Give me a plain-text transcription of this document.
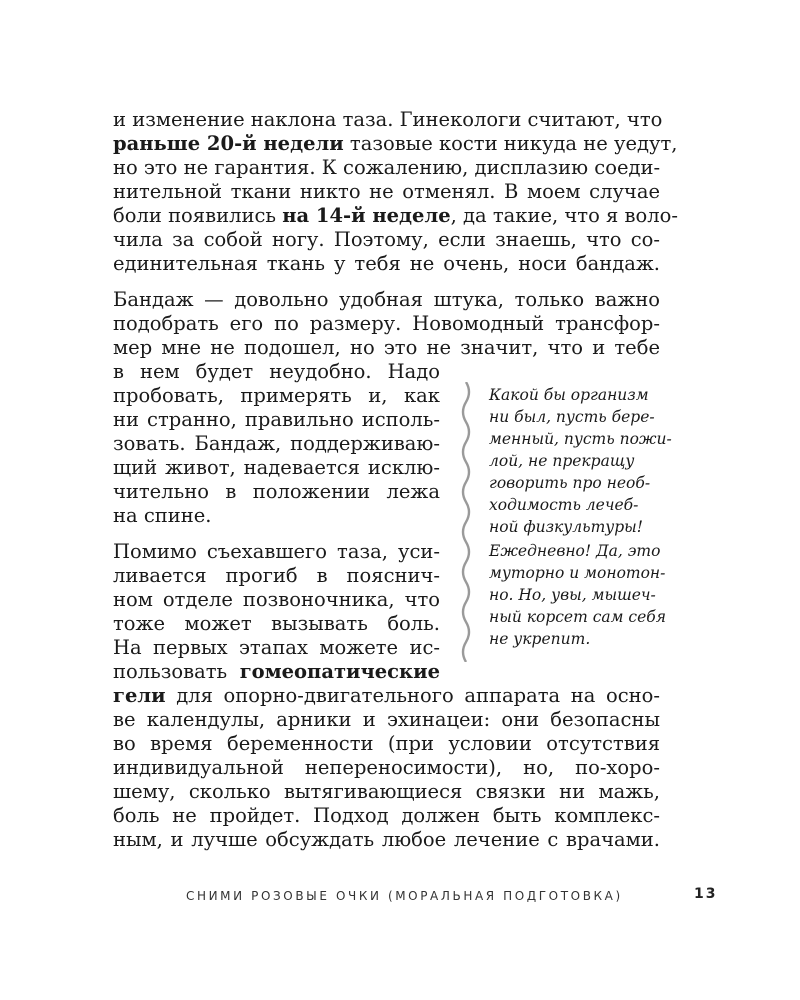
и изменение наклона таза. Гинекологи считают, что
раньше 20-й недели тазовые кости никуда не уедут,
но это не гарантия. К сожалению, дисплазию соеди-
нительной ткани никто не отменял. В моем случае
боли появились на 14-й неделе, да такие, что я воло-
чила за собой ногу. Поэтому, если знаешь, что со-
единительная ткань у тебя не очень, носи бандаж.
Бандаж — довольно удобная штука, только важно
подобрать его по размеру. Новомодный трансфор-
мер мне не подошел, но это не значит, что и тебе
в нем будет неудобно. Надо
пробовать, примерять и, как
ни странно, правильно исполь-
зовать. Бандаж, поддерживаю-
щий живот, надевается исклю-
чительно в положении лежа
на спине.
Помимо съехавшего таза, уси-
ливается прогиб в пояснич-
ном отделе позвоночника, что
тоже может вызывать боль.
На первых этапах можете ис-
пользовать гомеопатические
гели для опорно-двигательного аппарата на осно-
ве календулы, арники и эхинацеи: они безопасны
во время беременности (при условии отсутствия
индивидуальной непереносимости), но, по-хоро-
шему, сколько вытягивающиеся связки ни мажь,
боль не пройдет. Подход должен быть комплекс-
ным, и лучше обсуждать любое лечение с врачами.
Какой бы организм
ни был, пусть бере-
менный, пусть пожи-
лой, не прекращу
говорить про необ-
ходимость лечеб-
ной физкультуры!
Ежедневно! Да, это
муторно и монотон-
но. Но, увы, мышеч-
ный корсет сам себя
не укрепит.
СНИМИ РОЗОВЫЕ ОЧКИ (МОРАЛЬНАЯ ПОДГОТОВКА)	13
